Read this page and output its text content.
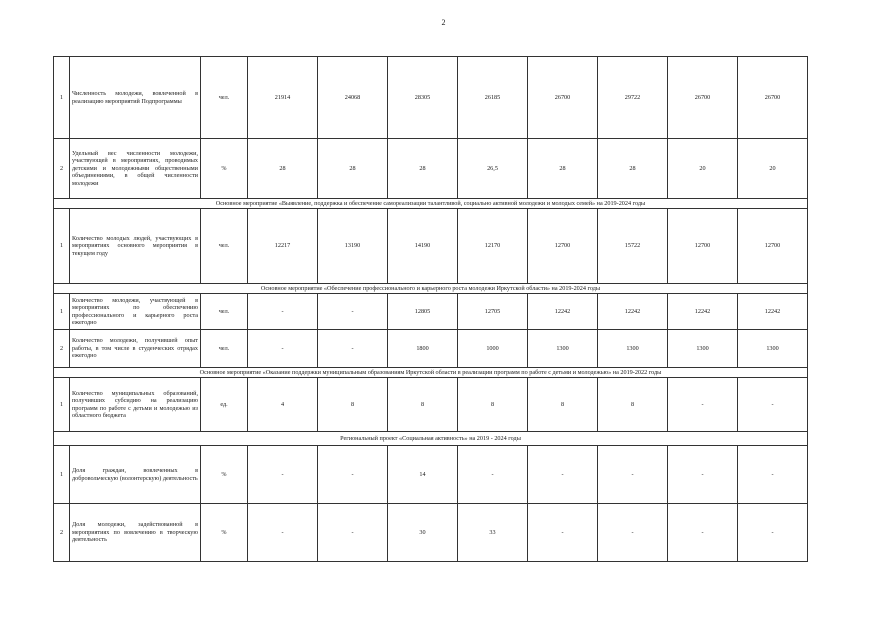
2
1	Численность молодежи, вовлеченной в реализацию мероприятий Подпрограммы	чел.	21914	24068	28305	26185	26700	29722	26700	26700
2	Удельный вес численности молодежи, участвующей в мероприятиях, проводимых детскими и молодежными общественными объединениями, в общей численности молодежи	%	28	28	28	26,5	28	28	20	20
Основное мероприятие «Выявление, поддержка и обеспечение самореализации талантливой, социально активной молодежи и молодых семей» на 2019-2024 годы										
1	Количество молодых людей, участвующих в мероприятиях основного мероприятия в текущем году	чел.	12217	13190	14190	12170	12700	15722	12700	12700
Основное мероприятие «Обеспечение профессионального и карьерного роста молодежи Иркутской области» на 2019-2024 годы										
1	Количество молодежи, участвующей в мероприятиях по обеспечению профессионального и карьерного роста ежегодно	чел.	-	-	12805	12705	12242	12242	12242	12242
2	Количество молодежи, получившей опыт работы, в том числе в студенческих отрядах ежегодно	чел.	-	-	1800	1000	1300	1300	1300	1300
Основное мероприятие «Оказание поддержки муниципальным образованиям Иркутской области в реализации программ по работе с детьми и молодежью» на 2019-2022 годы										
1	Количество муниципальных образований, получивших субсидию на реализацию программ по работе с детьми и молодежью из областного бюджета	ед.	4	8	8	8	8	8	-	-
Региональный проект «Социальная активность» на 2019 - 2024 годы										
1	Доля граждан, вовлеченных в добровольческую (волонтерскую) деятельность	%	-	-	14	-	-	-	-	-
2	Доля молодежи, задействованной в мероприятиях по вовлечению в творческую деятельность	%	-	-	30	33	-	-	-	-
